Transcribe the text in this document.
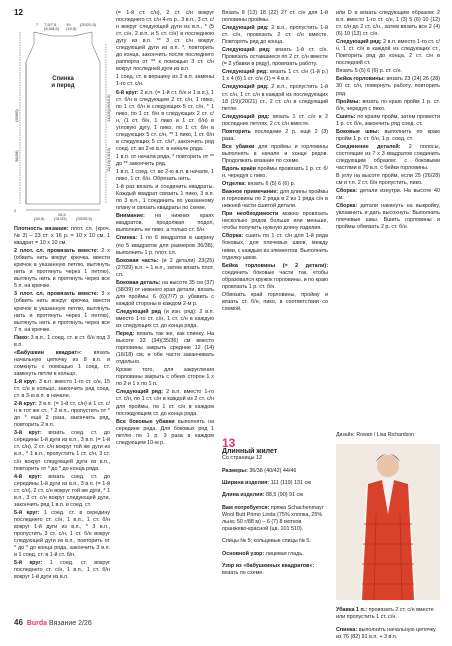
12
Спинка
и перед
7 7,5/7,5
(8,5/8,5)
19
(19,5)
(20/20,5)
11(12)(13/13)
14(15)(16/16,5)
58(58)
(59/60)
2
26,5
(28,5) (31/33) (33/35,5)

Плотность вязания: плот. сл. (кроч. № 3) – 23 ст. х 16 р. = 10 х 10 см. 1 квадрат = 10 х 10 см.

2 плот. сл. провязать вместе: 2 х (обвить нить вокруг крючка, ввести крючок в указанную петлю, вытянуть нить и протянуть через 1 петлю), вытянуть нить и протянуть через все 5 п. на крючке.

3 плот. сл. провязать вместе: 3 х (обвить нить вокруг крючка, ввести крючок в указанную петлю, вытянуть нить и протянуть через 1 петлю), вытянуть нить и протянуть через все 7 п. на крючке.

Пико: 3 в.п., 1 соед. ст. в ст. б/н под 3 в.п.

«Бабушкин квадрат»: вязать начальную цепочку из 8 в.п. и сомкнуть с помощью 1 соед. ст. замкнуть петли в кольцо.

1-й круг: 3 в.п. вместо 1-го ст. с/н, 15 ст. с/н в кольцо, закончить ряд соед. ст. в 3-ю в.п. в начале.

2-й круг: 3 в.п. (= 1-й ст. с/н) и 1 ст. с/н в тот же ст., * 2 в.п., пропустить от * до * ещё 2 раза, закончить ряд, повторить 2 в.п.

3-й круг: вязать соед. ст. до середины 1-й дуги из в.п., 3 в.п. (= 1-й ст. с/н), 2 ст. с/н вокруг той же дуги из в.п., * 1 в.п., пропустить 1 ст. с/н, 3 ст. с/н вокруг следующей дуги из в.п., повторить от * до * до конца ряда.

4-й круг: вязать соед. ст. до середины 1-й дуги из в.п., 3 в.п. (= 1-й ст. с/н), 2 ст. с/н вокруг той же дуги, * 1 в.п., 3 ст. с/н вокруг следующей дуги, закончить ряд 1 в.п. и соед. ст.

5-й круг: 1 соед. ст. в середину последнего ст. с/н, 1 в.п., 1 ст. б/н вокруг 1-й дуги из в.п., * 3 в.п., пропустить 3 ст. с/н, 1 ст. б/н вокруг следующей дуги из в.п., повторить от * до * до конца ряда, закончить 3 в.п. и 1 соед. ст. в 1-й ст. б/н.

5-й круг: 1 соед. ст. вокруг последнего ст. с/н, 1 в.п., 1 ст. б/н вокруг 1-й дуги из в.п.

(= 1-й ст. с/н), 2 ст. с/н вокруг последнего ст. с/н 4-го р., 3 в.п., 3 ст. с/н вокруг следующей дуги из в.п., * (5 ст. с/н, 2 в.п. и 5 ст. с/н) в последнюю дугу из в.п. ** 3 ст. с/н вокруг следующей дуги из в.п. *, повторить до конца, закончить после последнего раппорта от ** к помощью 3 ст. с/н вокруг последней дуги из в.п.

1 соед. ст. в вершину из 3 в.п. замены 1-го ст. с/н.

6-й круг: 2 в.п. (= 1-й ст. б/н и 1 в.п.), 1 ст. б/н в следующем 2 ст. с/н, 1 пико, по 1 ст. б/н в следующих 5 ст. с/н, * 1 пико, по 1 ст. б/н в следующих 2 ст. с/н, (1 ст. б/н, 1 пико и 1 ст. б/н) в угловую дугу, 1 пико, по 1 ст. б/н в следующих 5 ст. с/н, ** 1 пико, 1 ст. б/н в следующих 5 ст. с/н*, закончить ряд соед. ст. во 2-ю в.п. в начале ряда.

1 в.п. от начала ряда, * повторить от ** до ** закончить ряд.

1 в.п. 1 соед. ст. во 2-ю в.п. в начале, 1 пико, 1 ст. б/н. Обрезать нить.

1-й раз вязать и соединить квадраты. Каждый квадрат связать 1 пико, 3 в.п. по 3 в.п., 1 соединить по указанному плану и связать квадраты по схеме.

Внимание: на нижних краях квадратов, продолжая подол, выполнить не пико, а только ст. б/н.

Спинка: 1 по 6 квадратов в ширину (по 5 квадратов для размеров 36/38), выполнить 1 р. плот. сл.

Боковая часть: (и 2 детали) 23(25)(27/29) в.п. + 1 в.п., затем вязать плот. сл.

Боковая деталь: на высоте 35 см (37)(38/39) от нижнего края детали, вязать для проймы. 6 (6)(7/7) р. убавить с каждой стороны в каждом 2-м р.

Следующий ряд (и изн. ряд): 2 в.п. вместо 1-го ст. с/н, 1 ст. с/н в каждую из следующих ст. до конца ряда.

Перед: вязать так же, как спинку. На высоте 33 (34)(35/36) см вместо горловины закрыть средние 12 (14)(16/18) см, и обе части заканчивать отдельно.

Кроме того, для закругления горловины закрыть с обеих сторон 1 х по 2 и 1 х по 1 п.

Следующий ряд: 2 в.п. вместо 1-го ст. с/н, по 1 ст. с/н в каждой из 2 ст. с/н для проймы, по 1 ст. с/н в каждом последующем ст. до конца ряда.

Все боковые убавки выполнять на середине ряда. Для боковых ряд 1 петлю по 1 р. 3 раза в каждом следующем 10-м р.

Вязать 8 (13) 18 (22) 27 ст. с/н для 1-й половины проймы.

Следующий ряд: 2 в.п., пропустить 1-й ст. с/н, провязать 2 ст. с/н вместе. Повторять ряд до конца.

Следующий ряд: вязать 1-й ст. с/н. Провязать оставшиеся по 2 ст. с/н вместе (= 2 убавки в ряду), провязать работу.

Следующий ряд: вязать 1 ст. с/н (1-й р.) 1 х 4 (б) 1 ст. с/н (1) = 4 в.п.

Следующий ряд: 2 в.п., пропустить 1-й ст. с/н, 1 ст. с/н в каждой из последующих 18 (19)(20/21) ст., 2 ст. с/н в следующий петле.

Следующий ряд: вязать 1 ст. с/н в 2 последних петлях, 2 ст. с/н вместе.

Повторить последние 2 р. ещё 2 (3) раза.

Все убавки для проймы и горловины выполнять в начале и конце рядов. Продолжать вязание по схеме.

Вдоль краёв проймы провязать 1 р. ст. б/н, чередуя с пико.

Отделка: вязать 6 (5) 6 (6) р.

Важное примечание: для длины проймы и горловины по 2 ряда в 2 из 1 ряда с/н в нижней части сшитой детали.

При необходимости можно провязать несколько рядов больше или меньше, чтобы получить нужную длину изделия.

Сборка: сшить по 1 ст. с/н для 1-й ряда боковых, для плечевых швов, между ними, с каждым из элементов. Выполнить отделку швов.

Бейка горловины (= 2 детали): соединить боковые части так, чтобы образовался кружок горловины, и по краю провязать 1 р. ст. б/н.

Обвязать край горловины, пройму и вязать ст. б/н, пико, в соответствии со схемой.

или D и вязать следующим образом: 2 в.п. вместо 1-го ст. с/н, 1 (3) 5 (6) 10 (12) ст. с/н до 2 ст. с/н., затем вязать все 2 (4)(6) 10 (13) ст. с/н.

Следующий ряд: 2 в.п. вместо 1-го ст. с/н, 1 ст. с/н в каждой из следующих ст., Повторить ряд до конца, 2 ст. с/н в последний ст.

Вязать 5 (5) 6 (6) р. ст. с/н.

Бейка горловины: вязать 23 (24) 26 (28) 30 ст. с/н, повернуть работу, повторить ряд.

Проймы: вязать по краю пройм 1 р. ст. б/н, чередуя с пико.

Сшить: по краям пройм, затем провести 1 р. ст. б/н, закончить ряд соед. ст.

Боковые швы: выполнить по краю пройм 1 р. ст. б/н, 1 р. соед. ст.

Соединение деталей: 2 полосы, состоящие из 7 х 3 квадратов соединить следующим образом: с боковыми частями в 70 в.п. с бейки горловины.

В углу на высоте пройм, если 25 (26/28) см и т.п. 2 ст. б/н пропустить, пико.

Сборка: детали изнутри. На высоте 40 см.

Сборка: детали накинуть на выкройку, увлажнить и дать высохнуть. Выполнить плечевые швы. Вшить горловины и проймы обвязать 2 р. ст. б/н.

13
Длинный жилет
Со страницы 12

Размеры: 36/38 (40/42) 44/46

Ширина изделия: 111 (119) 131 см

Длина изделия: 88,5 (90) 91 см

Вам потребуется: пряжа Schachenmayr Wool Butt Primo Linda (75% хлопка, 25% льна; 50 г/88 м) – 6 (7) 8 мотков оранжево-красной (цв. 101 510).

Спицы № 5; кольцевые спицы № 5.

Основной узор: лицевая гладь.

Узор из «бабушкиных квадратов»: вязать по схеме.

Дизайн: Rowan / Lisa Richardson

Убавка 1 п.: провязать 2 ст. с/н вместе или пропустить 1 ст. с/н.

Спинка: выполнить начальную цепочку из 76 (82) 91 в.п. + 3 в.п.

46 Burda Вязание 2/26
